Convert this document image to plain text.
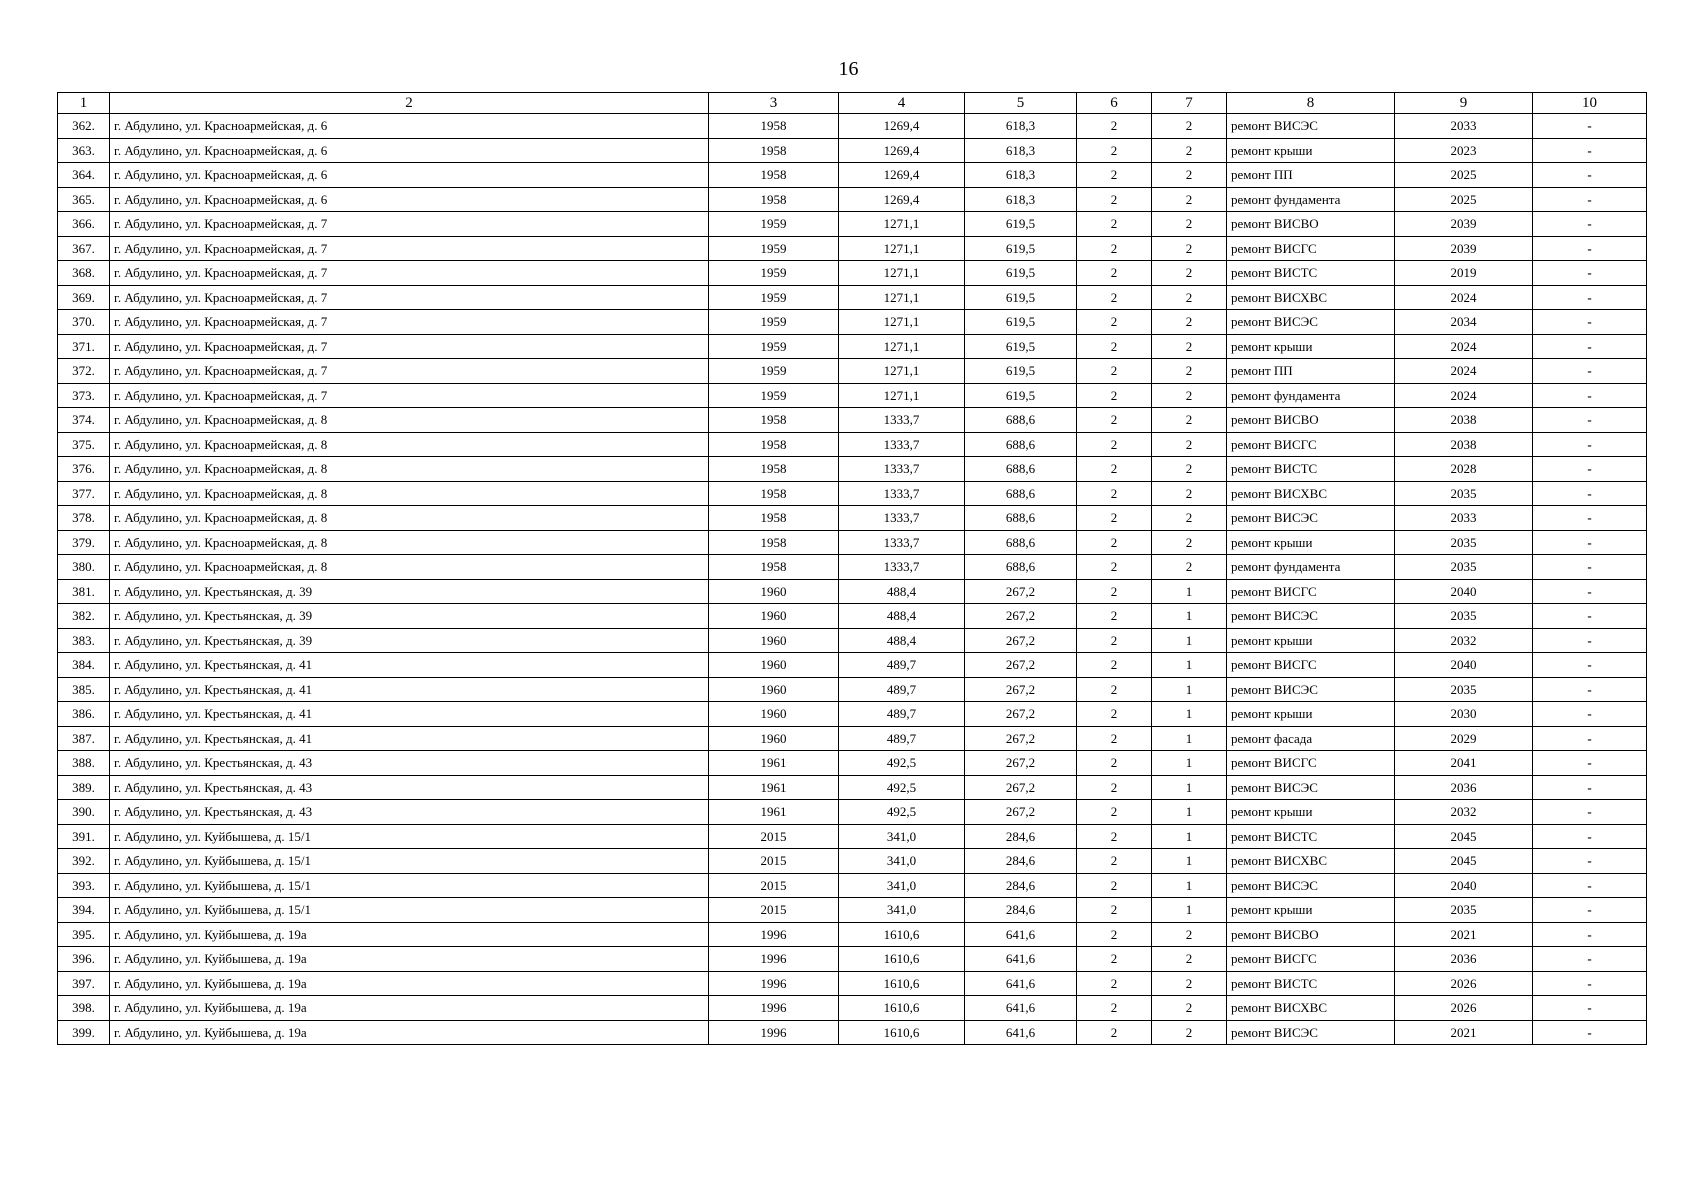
16
1	2	3	4	5	6	7	8	9	10
362.	г. Абдулино, ул. Красноармейская, д. 6	1958	1269,4	618,3	2	2	ремонт ВИСЭС	2033	-
363.	г. Абдулино, ул. Красноармейская, д. 6	1958	1269,4	618,3	2	2	ремонт крыши	2023	-
364.	г. Абдулино, ул. Красноармейская, д. 6	1958	1269,4	618,3	2	2	ремонт ПП	2025	-
365.	г. Абдулино, ул. Красноармейская, д. 6	1958	1269,4	618,3	2	2	ремонт фундамента	2025	-
366.	г. Абдулино, ул. Красноармейская, д. 7	1959	1271,1	619,5	2	2	ремонт ВИСВО	2039	-
367.	г. Абдулино, ул. Красноармейская, д. 7	1959	1271,1	619,5	2	2	ремонт ВИСГС	2039	-
368.	г. Абдулино, ул. Красноармейская, д. 7	1959	1271,1	619,5	2	2	ремонт ВИСТС	2019	-
369.	г. Абдулино, ул. Красноармейская, д. 7	1959	1271,1	619,5	2	2	ремонт ВИСХВС	2024	-
370.	г. Абдулино, ул. Красноармейская, д. 7	1959	1271,1	619,5	2	2	ремонт ВИСЭС	2034	-
371.	г. Абдулино, ул. Красноармейская, д. 7	1959	1271,1	619,5	2	2	ремонт крыши	2024	-
372.	г. Абдулино, ул. Красноармейская, д. 7	1959	1271,1	619,5	2	2	ремонт ПП	2024	-
373.	г. Абдулино, ул. Красноармейская, д. 7	1959	1271,1	619,5	2	2	ремонт фундамента	2024	-
374.	г. Абдулино, ул. Красноармейская, д. 8	1958	1333,7	688,6	2	2	ремонт ВИСВО	2038	-
375.	г. Абдулино, ул. Красноармейская, д. 8	1958	1333,7	688,6	2	2	ремонт ВИСГС	2038	-
376.	г. Абдулино, ул. Красноармейская, д. 8	1958	1333,7	688,6	2	2	ремонт ВИСТС	2028	-
377.	г. Абдулино, ул. Красноармейская, д. 8	1958	1333,7	688,6	2	2	ремонт ВИСХВС	2035	-
378.	г. Абдулино, ул. Красноармейская, д. 8	1958	1333,7	688,6	2	2	ремонт ВИСЭС	2033	-
379.	г. Абдулино, ул. Красноармейская, д. 8	1958	1333,7	688,6	2	2	ремонт крыши	2035	-
380.	г. Абдулино, ул. Красноармейская, д. 8	1958	1333,7	688,6	2	2	ремонт фундамента	2035	-
381.	г. Абдулино, ул. Крестьянская, д. 39	1960	488,4	267,2	2	1	ремонт ВИСГС	2040	-
382.	г. Абдулино, ул. Крестьянская, д. 39	1960	488,4	267,2	2	1	ремонт ВИСЭС	2035	-
383.	г. Абдулино, ул. Крестьянская, д. 39	1960	488,4	267,2	2	1	ремонт крыши	2032	-
384.	г. Абдулино, ул. Крестьянская, д. 41	1960	489,7	267,2	2	1	ремонт ВИСГС	2040	-
385.	г. Абдулино, ул. Крестьянская, д. 41	1960	489,7	267,2	2	1	ремонт ВИСЭС	2035	-
386.	г. Абдулино, ул. Крестьянская, д. 41	1960	489,7	267,2	2	1	ремонт крыши	2030	-
387.	г. Абдулино, ул. Крестьянская, д. 41	1960	489,7	267,2	2	1	ремонт фасада	2029	-
388.	г. Абдулино, ул. Крестьянская, д. 43	1961	492,5	267,2	2	1	ремонт ВИСГС	2041	-
389.	г. Абдулино, ул. Крестьянская, д. 43	1961	492,5	267,2	2	1	ремонт ВИСЭС	2036	-
390.	г. Абдулино, ул. Крестьянская, д. 43	1961	492,5	267,2	2	1	ремонт крыши	2032	-
391.	г. Абдулино, ул. Куйбышева, д. 15/1	2015	341,0	284,6	2	1	ремонт ВИСТС	2045	-
392.	г. Абдулино, ул. Куйбышева, д. 15/1	2015	341,0	284,6	2	1	ремонт ВИСХВС	2045	-
393.	г. Абдулино, ул. Куйбышева, д. 15/1	2015	341,0	284,6	2	1	ремонт ВИСЭС	2040	-
394.	г. Абдулино, ул. Куйбышева, д. 15/1	2015	341,0	284,6	2	1	ремонт крыши	2035	-
395.	г. Абдулино, ул. Куйбышева, д. 19а	1996	1610,6	641,6	2	2	ремонт ВИСВО	2021	-
396.	г. Абдулино, ул. Куйбышева, д. 19а	1996	1610,6	641,6	2	2	ремонт ВИСГС	2036	-
397.	г. Абдулино, ул. Куйбышева, д. 19а	1996	1610,6	641,6	2	2	ремонт ВИСТС	2026	-
398.	г. Абдулино, ул. Куйбышева, д. 19а	1996	1610,6	641,6	2	2	ремонт ВИСХВС	2026	-
399.	г. Абдулино, ул. Куйбышева, д. 19а	1996	1610,6	641,6	2	2	ремонт ВИСЭС	2021	-
